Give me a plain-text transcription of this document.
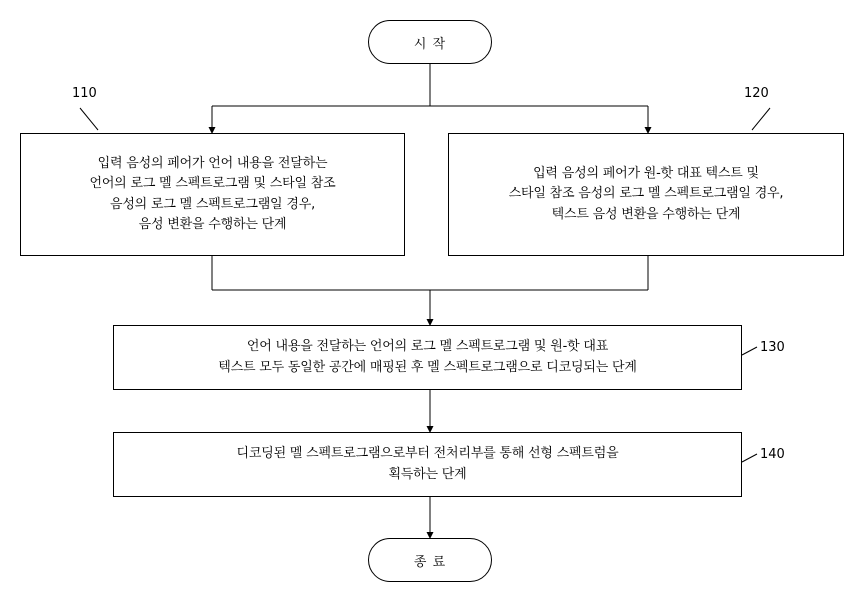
시 작
입력 음성의 페어가 언어 내용을 전달하는
언어의 로그 멜 스펙트로그램 및 스타일 참조
음성의 로그 멜 스펙트로그램일 경우,
음성 변환을 수행하는 단계
입력 음성의 페어가 원-핫 대표 텍스트 및
스타일 참조 음성의 로그 멜 스펙트로그램일 경우,
텍스트 음성 변환을 수행하는 단계
언어 내용을 전달하는 언어의 로그 멜 스펙트로그램 및 원-핫 대표
텍스트 모두 동일한 공간에 매핑된 후 멜 스펙트로그램으로 디코딩되는 단계
디코딩된 멜 스펙트로그램으로부터 전처리부를 통해 선형 스펙트럼을
획득하는 단계
종 료
110	120
130
140
